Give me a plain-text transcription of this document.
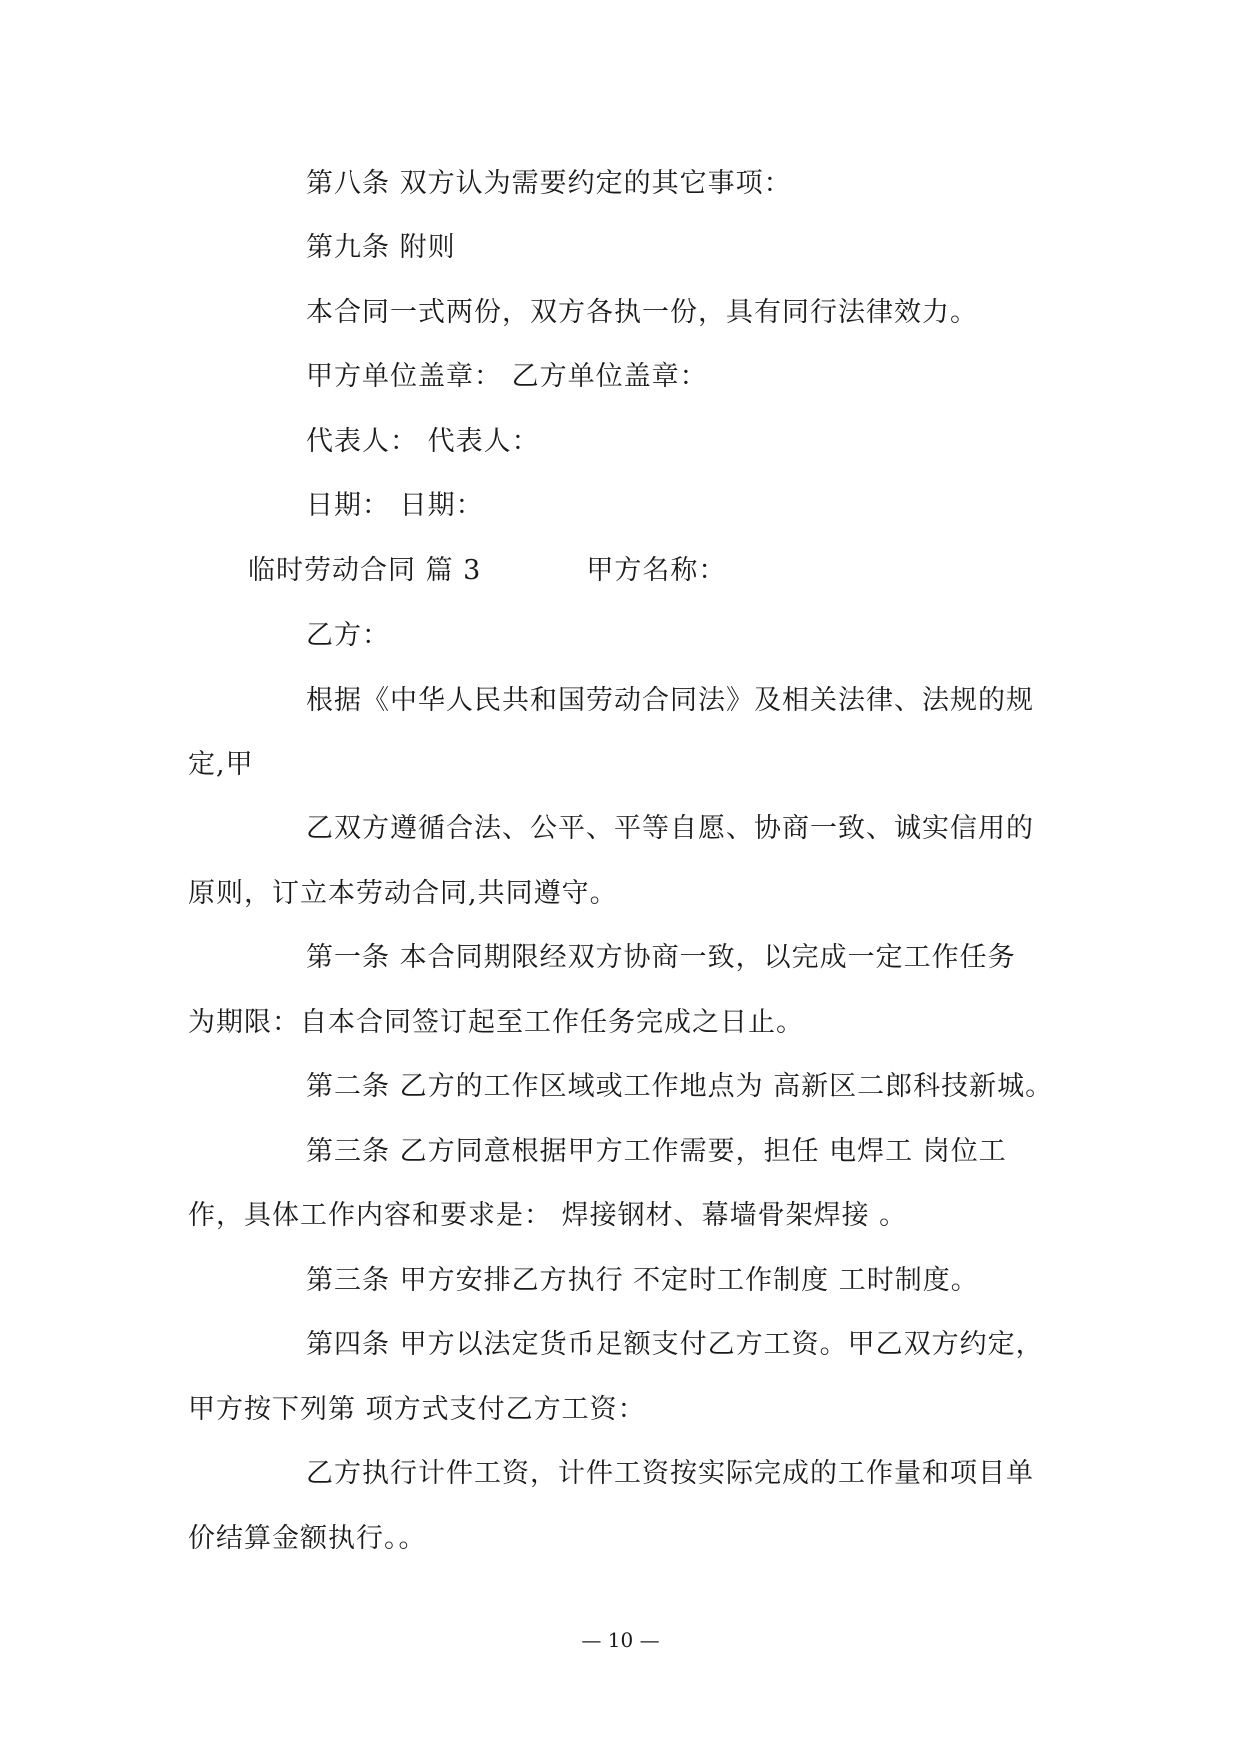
第八条 双方认为需要约定的其它事项：
第九条 附则
本合同一式两份，双方各执一份，具有同行法律效力。
甲方单位盖章： 乙方单位盖章：
代表人： 代表人：
日期： 日期：
临时劳动合同 篇 3	甲方名称：
乙方：
根据《中华人民共和国劳动合同法》及相关法律、法规的规
定,甲
乙双方遵循合法、公平、平等自愿、协商一致、诚实信用的
原则，订立本劳动合同,共同遵守。
第一条 本合同期限经双方协商一致，以完成一定工作任务
为期限：自本合同签订起至工作任务完成之日止。
第二条 乙方的工作区域或工作地点为 高新区二郎科技新城。
第三条 乙方同意根据甲方工作需要，担任 电焊工 岗位工
作，具体工作内容和要求是： 焊接钢材、幕墙骨架焊接 。
第三条 甲方安排乙方执行 不定时工作制度 工时制度。
第四条 甲方以法定货币足额支付乙方工资。甲乙双方约定，
甲方按下列第 项方式支付乙方工资：
乙方执行计件工资，计件工资按实际完成的工作量和项目单
价结算金额执行。。
— 10 —
